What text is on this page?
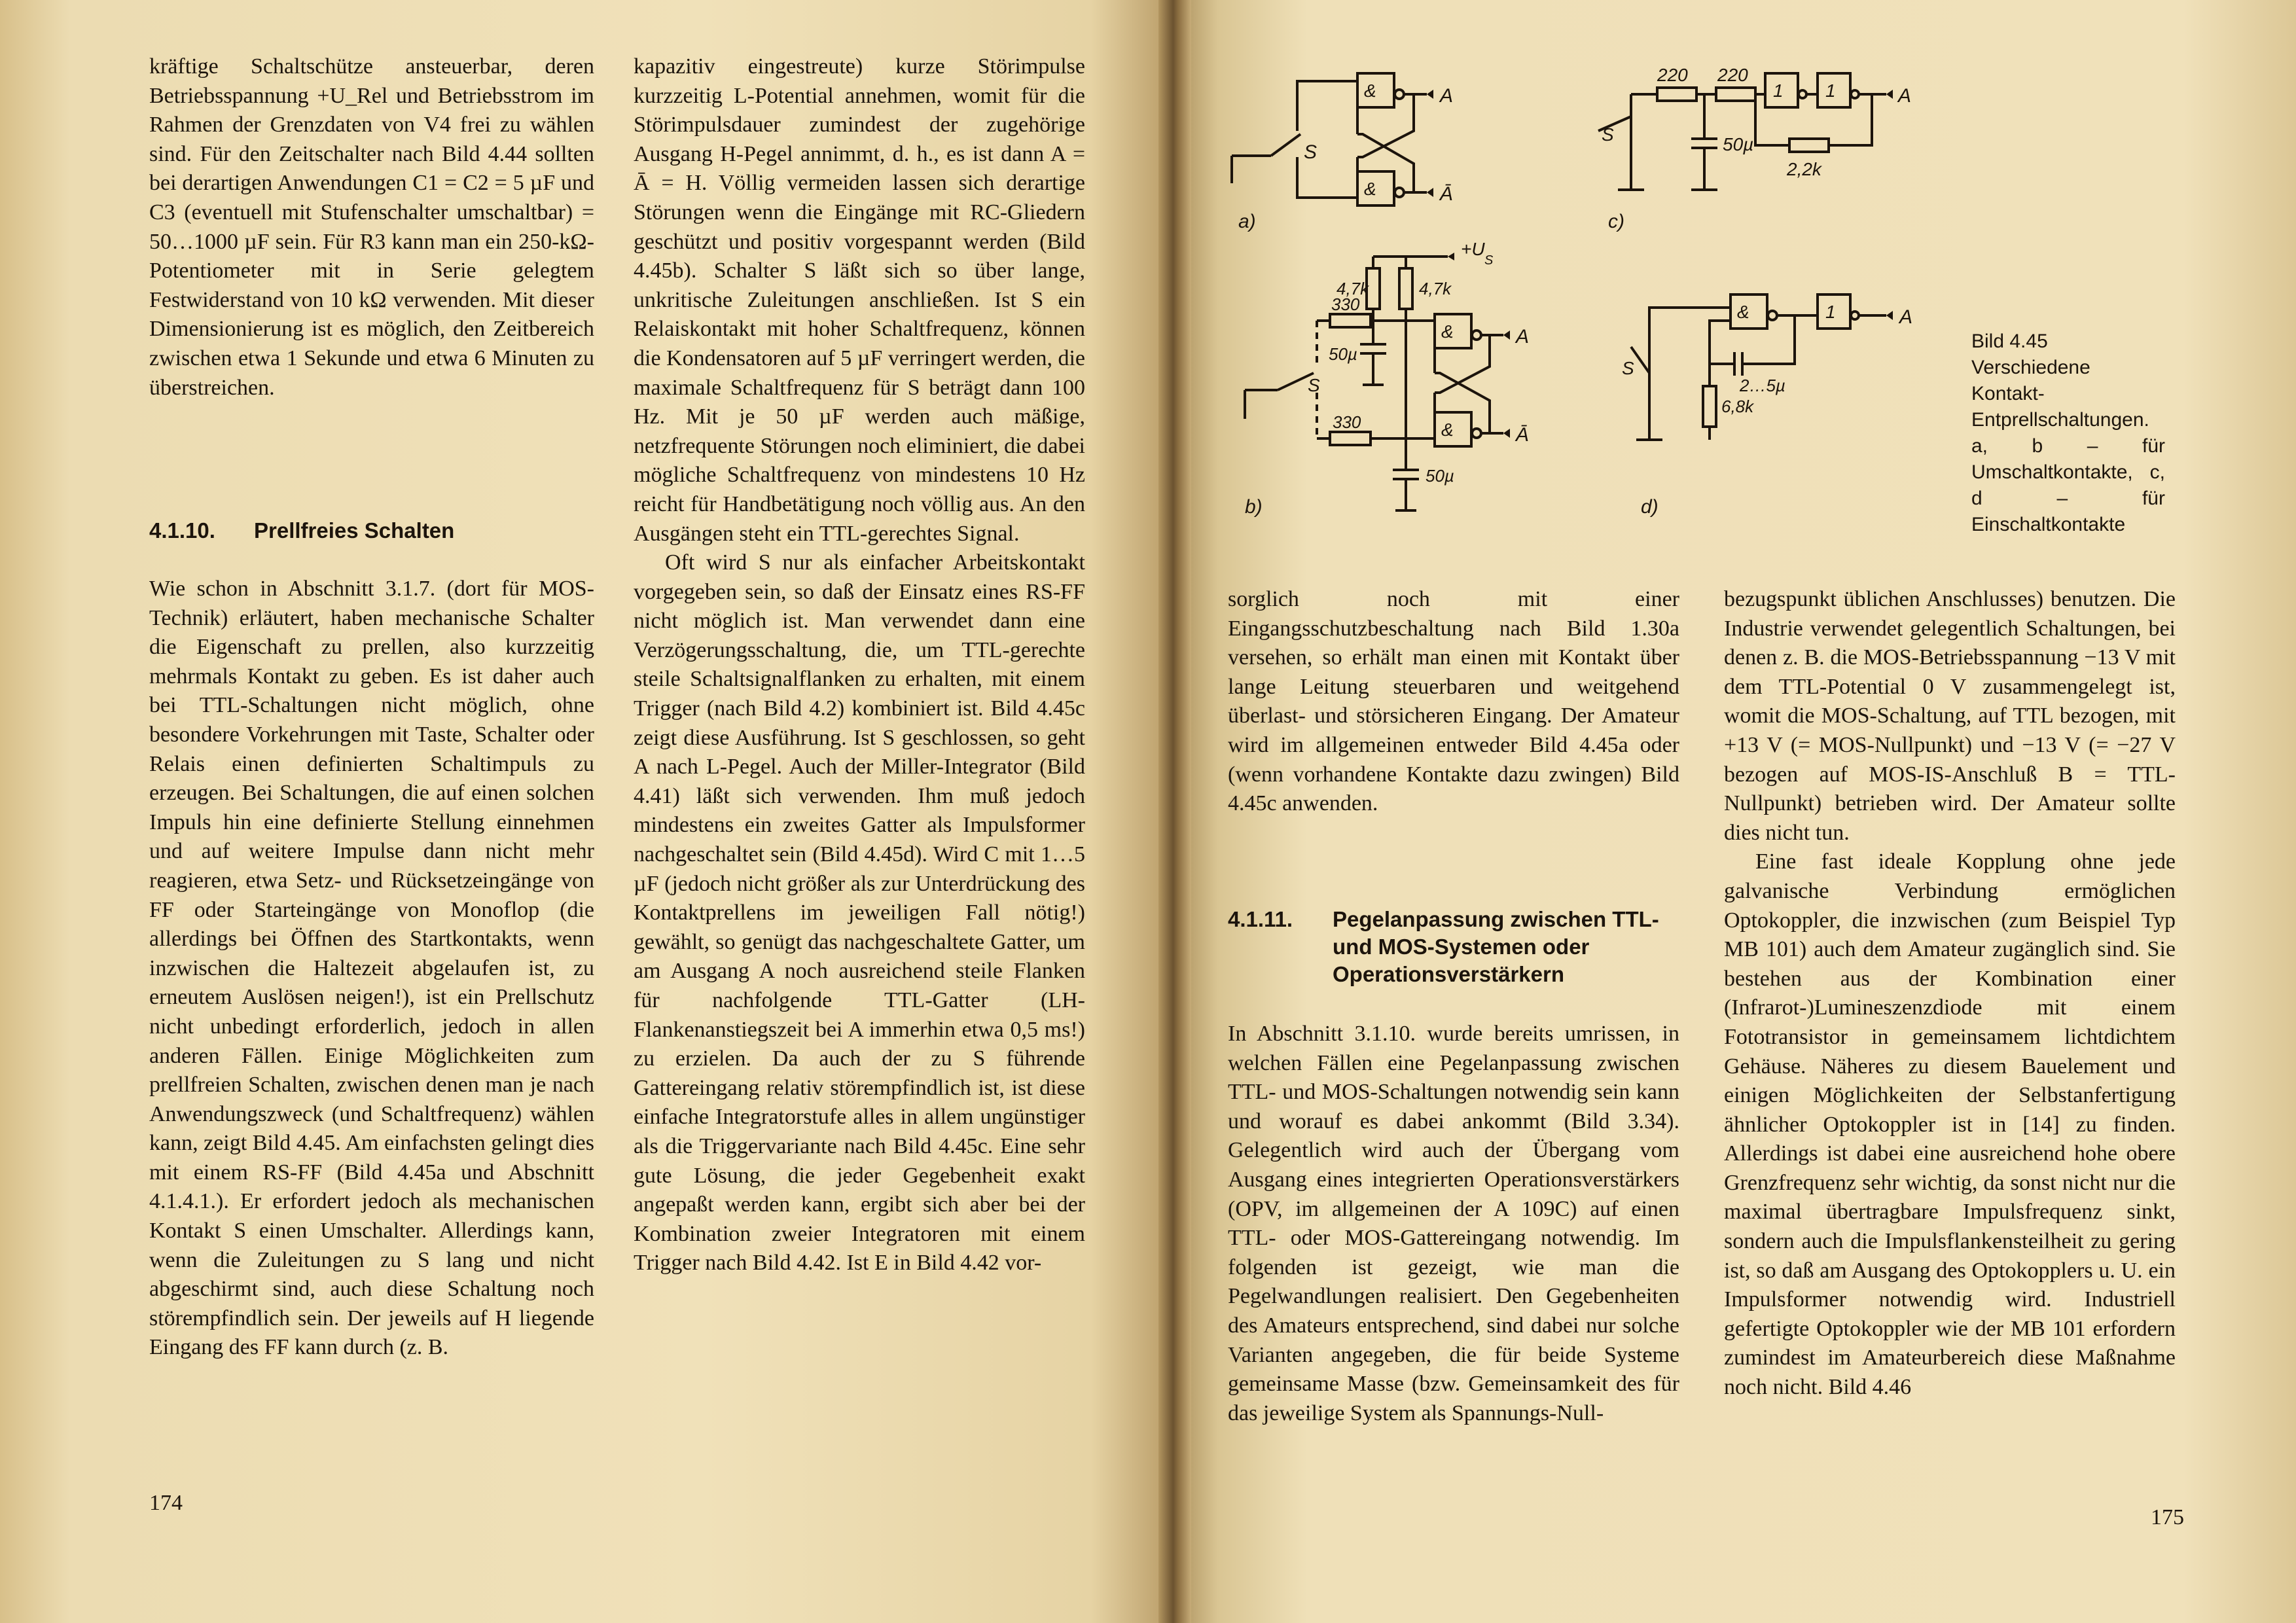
kräftige Schaltschütze ansteuerbar, deren Betriebsspannung +U_Rel und Betriebsstrom im Rahmen der Grenzdaten von V4 frei zu wählen sind. Für den Zeitschalter nach Bild 4.44 sollten bei derartigen Anwendungen C1 = C2 = 5 µF und C3 (eventuell mit Stufenschalter umschaltbar) = 50…1000 µF sein. Für R3 kann man ein 250-kΩ-Potentiometer mit in Serie gelegtem Festwiderstand von 10 kΩ verwenden. Mit dieser Dimensionierung ist es möglich, den Zeitbereich zwischen etwa 1 Sekunde und etwa 6 Minuten zu überstreichen.

4.1.10. Prellfreies Schalten

Wie schon in Abschnitt 3.1.7. (dort für MOS-Technik) erläutert, haben mechanische Schalter die Eigenschaft zu prellen, also kurzzeitig mehrmals Kontakt zu geben. Es ist daher auch bei TTL-Schaltungen nicht möglich, ohne besondere Vorkehrungen mit Taste, Schalter oder Relais einen definierten Schaltimpuls zu erzeugen. Bei Schaltungen, die auf einen solchen Impuls hin eine definierte Stellung einnehmen und auf weitere Impulse dann nicht mehr reagieren, etwa Setz- und Rücksetzeingänge von FF oder Starteingänge von Monoflop (die allerdings bei Öffnen des Startkontakts, wenn inzwischen die Haltezeit abgelaufen ist, zu erneutem Auslösen neigen!), ist ein Prellschutz nicht unbedingt erforderlich, jedoch in allen anderen Fällen. Einige Möglichkeiten zum prellfreien Schalten, zwischen denen man je nach Anwendungszweck (und Schaltfrequenz) wählen kann, zeigt Bild 4.45. Am einfachsten gelingt dies mit einem RS-FF (Bild 4.45a und Abschnitt 4.1.4.1.). Er erfordert jedoch als mechanischen Kontakt S einen Umschalter. Allerdings kann, wenn die Zuleitungen zu S lang und nicht abgeschirmt sind, auch diese Schaltung noch störempfindlich sein. Der jeweils auf H liegende Eingang des FF kann durch (z. B.

kapazitiv eingestreute) kurze Störimpulse kurzzeitig L-Potential annehmen, womit für die Störimpulsdauer zumindest der zugehörige Ausgang H-Pegel annimmt, d. h., es ist dann A = Ā = H. Völlig vermeiden lassen sich derartige Störungen wenn die Eingänge mit RC-Gliedern geschützt und positiv vorgespannt werden (Bild 4.45b). Schalter S läßt sich so über lange, unkritische Zuleitungen anschließen. Ist S ein Relaiskontakt mit hoher Schaltfrequenz, können die Kondensatoren auf 5 µF verringert werden, die maximale Schaltfrequenz für S beträgt dann 100 Hz. Mit je 50 µF werden auch mäßige, netzfrequente Störungen noch eliminiert, die dabei mögliche Schaltfrequenz von mindestens 10 Hz reicht für Handbetätigung noch völlig aus. An den Ausgängen steht ein TTL-gerechtes Signal.

Oft wird S nur als einfacher Arbeitskontakt vorgegeben sein, so daß der Einsatz eines RS-FF nicht möglich ist. Man verwendet dann eine Verzögerungsschaltung, die, um TTL-gerechte steile Schaltsignalflanken zu erhalten, mit einem Trigger (nach Bild 4.2) kombiniert ist. Bild 4.45c zeigt diese Ausführung. Ist S geschlossen, so geht A nach L-Pegel. Auch der Miller-Integrator (Bild 4.41) läßt sich verwenden. Ihm muß jedoch mindestens ein zweites Gatter als Impulsformer nachgeschaltet sein (Bild 4.45d). Wird C mit 1…5 µF (jedoch nicht größer als zur Unterdrückung des Kontaktprellens im jeweiligen Fall nötig!) gewählt, so genügt das nachgeschaltete Gatter, um am Ausgang A noch ausreichend steile Flanken für nachfolgende TTL-Gatter (LH-Flankenanstiegszeit bei A immerhin etwa 0,5 ms!) zu erzielen. Da auch der zu S führende Gattereingang relativ störempfindlich ist, ist diese einfache Integratorstufe alles in allem ungünstiger als die Triggervariante nach Bild 4.45c. Eine sehr gute Lösung, die jeder Gegebenheit exakt angepaßt werden kann, ergibt sich aber bei der Kombination zweier Integratoren mit einem Trigger nach Bild 4.42. Ist E in Bild 4.42 vor-

174
&	A
&	Ā
S
a)
220 220
50µ
1 1	A
2,2k
S
c)
+U
S
4,7k	4,7k
330
50µ
&	A
&	Ā
330
50µ
S
b)
S
&	1	A
2…5µ
6,8k
d)
Bild 4.45
Verschiedene Kontakt-Entprellschaltungen. a, b – für Umschaltkontakte, c, d – für Einschaltkontakte

sorglich noch mit einer Eingangsschutzbeschaltung nach Bild 1.30a versehen, so erhält man einen mit Kontakt über lange Leitung steuerbaren und weitgehend überlast- und störsicheren Eingang. Der Amateur wird im allgemeinen entweder Bild 4.45a oder (wenn vorhandene Kontakte dazu zwingen) Bild 4.45c anwenden.

4.1.11.	Pegelanpassung zwischen TTL- und MOS-Systemen oder Operationsverstärkern

In Abschnitt 3.1.10. wurde bereits umrissen, in welchen Fällen eine Pegelanpassung zwischen TTL- und MOS-Schaltungen notwendig sein kann und worauf es dabei ankommt (Bild 3.34). Gelegentlich wird auch der Übergang vom Ausgang eines integrierten Operationsverstärkers (OPV, im allgemeinen der A 109C) auf einen TTL- oder MOS-Gattereingang notwendig. Im folgenden ist gezeigt, wie man die Pegelwandlungen realisiert. Den Gegebenheiten des Amateurs entsprechend, sind dabei nur solche Varianten angegeben, die für beide Systeme gemeinsame Masse (bzw. Gemeinsamkeit des für das jeweilige System als Spannungs-Null-

bezugspunkt üblichen Anschlusses) benutzen. Die Industrie verwendet gelegentlich Schaltungen, bei denen z. B. die MOS-Betriebsspannung −13 V mit dem TTL-Potential 0 V zusammengelegt ist, womit die MOS-Schaltung, auf TTL bezogen, mit +13 V (= MOS-Nullpunkt) und −13 V (= −27 V bezogen auf MOS-IS-Anschluß B = TTL-Nullpunkt) betrieben wird. Der Amateur sollte dies nicht tun.

Eine fast ideale Kopplung ohne jede galvanische Verbindung ermöglichen Optokoppler, die inzwischen (zum Beispiel Typ MB 101) auch dem Amateur zugänglich sind. Sie bestehen aus der Kombination einer (Infrarot-)Lumineszenzdiode mit einem Fototransistor in gemeinsamem lichtdichtem Gehäuse. Näheres zu diesem Bauelement und einigen Möglichkeiten der Selbstanfertigung ähnlicher Optokoppler ist in [14] zu finden. Allerdings ist dabei eine ausreichend hohe obere Grenzfrequenz sehr wichtig, da sonst nicht nur die maximal übertragbare Impulsfrequenz sinkt, sondern auch die Impulsflankensteilheit zu gering ist, so daß am Ausgang des Optokopplers u. U. ein Impulsformer notwendig wird. Industriell gefertigte Optokoppler wie der MB 101 erfordern zumindest im Amateurbereich diese Maßnahme noch nicht. Bild 4.46

175
